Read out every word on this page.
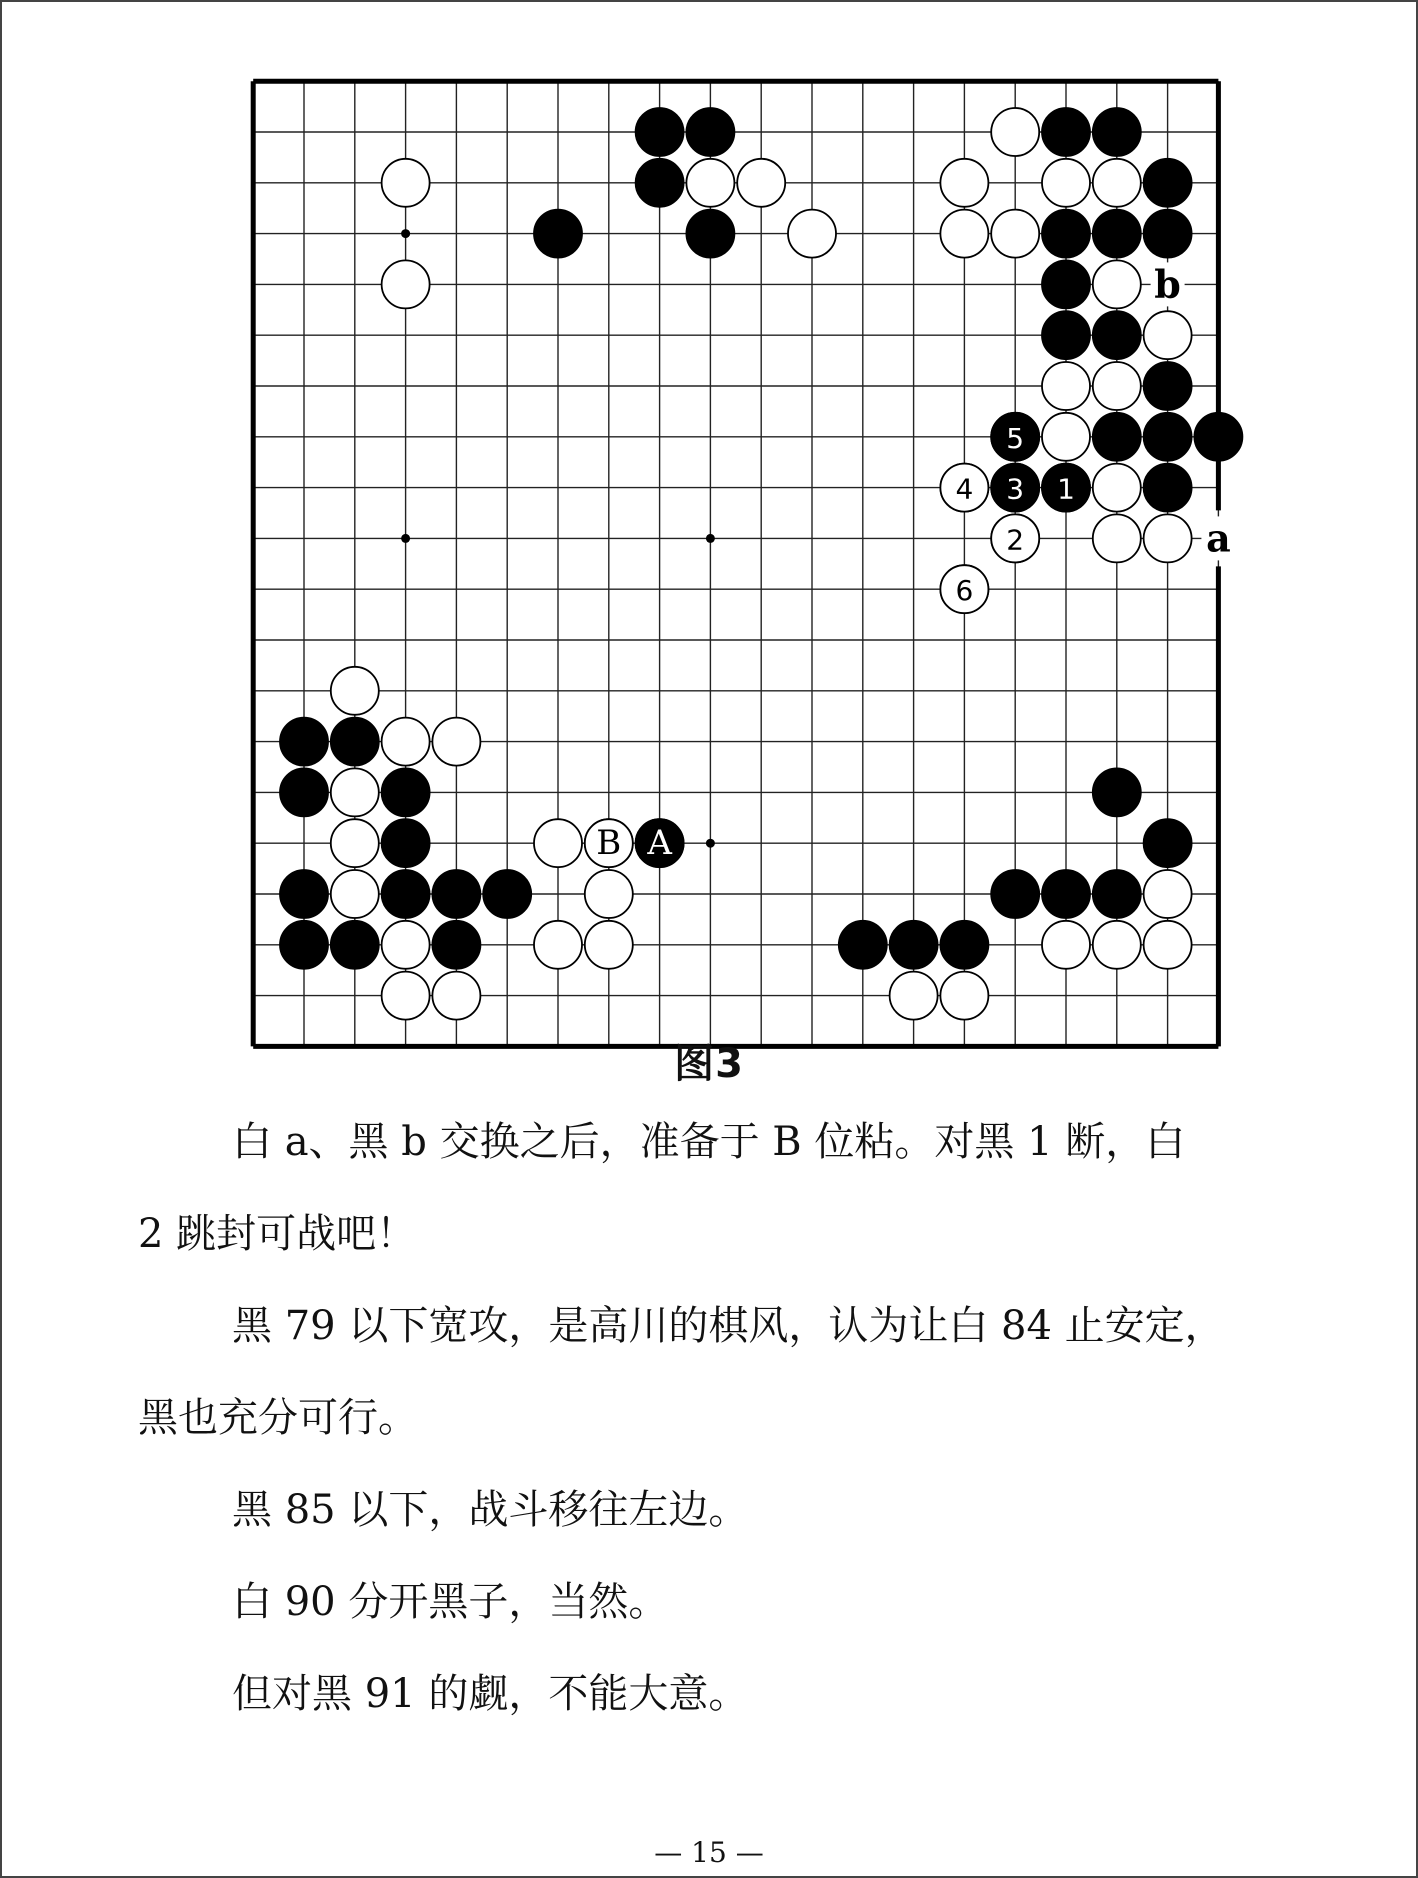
a
b
1
2
3
4
5
6
A
B
图3

白 a、黑 b 交换之后，准备于 B 位粘。对黑 1 断，白

2 跳封可战吧！

黑 79 以下宽攻，是高川的棋风，认为让白 84 止安定，

黑也充分可行。

黑 85 以下，战斗移往左边。

白 90 分开黑子，当然。

但对黑 91 的觑，不能大意。

— 15 —
